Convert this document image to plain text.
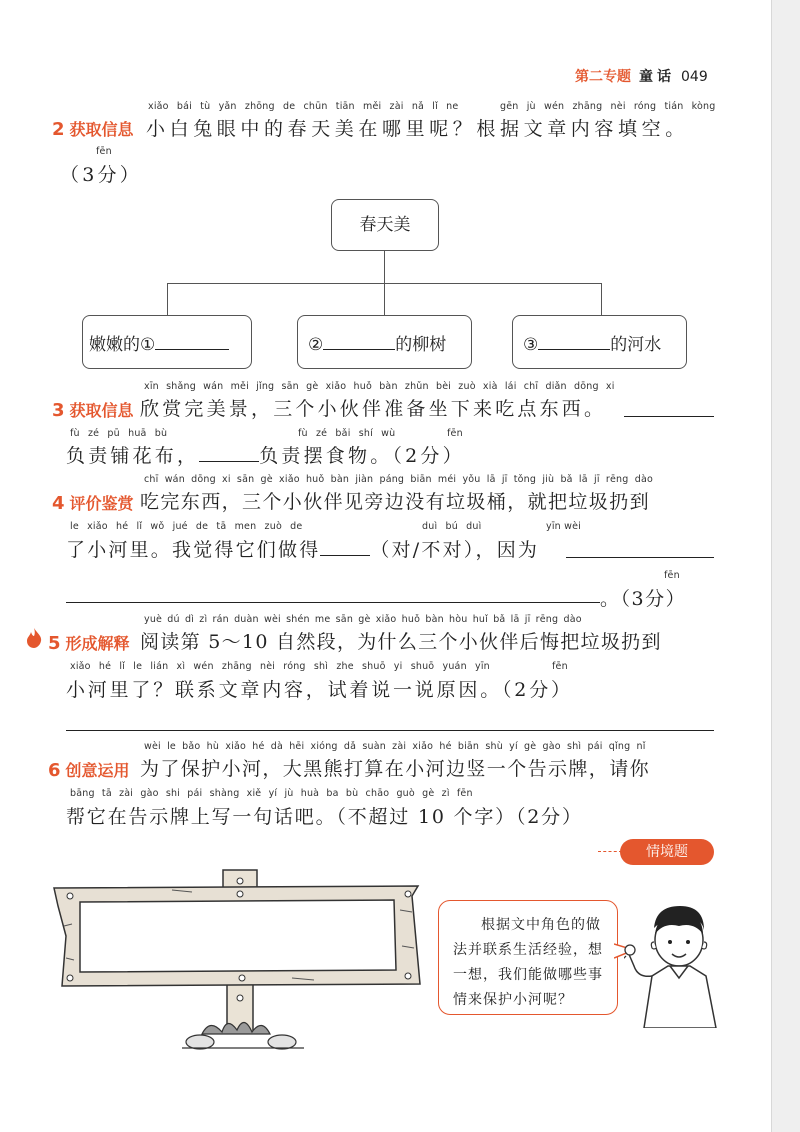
第二专题 童话 049
xiǎo bái tù yǎn zhōng de chūn tiān měi zài nǎ lǐ ne	gēn jù wén zhāng nèi róng tián kòng
2 获取信息 小白兔眼中的春天美在哪里呢？根据文章内容填空。
fēn
（3分）
春天美
嫩嫩的①	②	的柳树	③	的河水
xīn shǎng wán měi jǐng sān gè xiǎo huǒ bàn zhǔn bèi zuò xià lái chī diǎn dōng xi
3 获取信息 欣赏完美景，三个小伙伴准备坐下来吃点东西。
fù zé pū huā bù	fù zé bǎi shí wù	fēn
负责铺花布，	负责摆食物。（2分）
chī wán dōng xi sān gè xiǎo huǒ bàn jiàn páng biān méi yǒu lā jī tǒng jiù bǎ lā jī rēng dào
4 评价鉴赏 吃完东西，三个小伙伴见旁边没有垃圾桶，就把垃圾扔到
le xiǎo hé lǐ wǒ jué de tā men zuò de	duì bú duì	yīn wèi
了小河里。我觉得它们做得	（对/不对），因为
fēn
。（3分）
yuè dú dì zì rán duàn wèi shén me sān gè xiǎo huǒ bàn hòu huǐ bǎ lā jī rēng dào
5 形成解释 阅读第 5～10 自然段，为什么三个小伙伴后悔把垃圾扔到
xiǎo hé lǐ le lián xì wén zhāng nèi róng shì zhe shuō yi shuō yuán yīn	fēn
小河里了？联系文章内容，试着说一说原因。（2分）
wèi le bǎo hù xiǎo hé dà hēi xióng dǎ suàn zài xiǎo hé biān shù yí gè gào shì pái qǐng nǐ
6 创意运用 为了保护小河，大黑熊打算在小河边竖一个告示牌，请你
bāng tā zài gào shi pái shàng xiě yí jù huà ba bù chāo guò gè zì fēn
帮它在告示牌上写一句话吧。（不超过 10 个字）（2分）
情境题
根据文中角色的做法并联系生活经验，想一想，我们能做哪些事情来保护小河呢？
